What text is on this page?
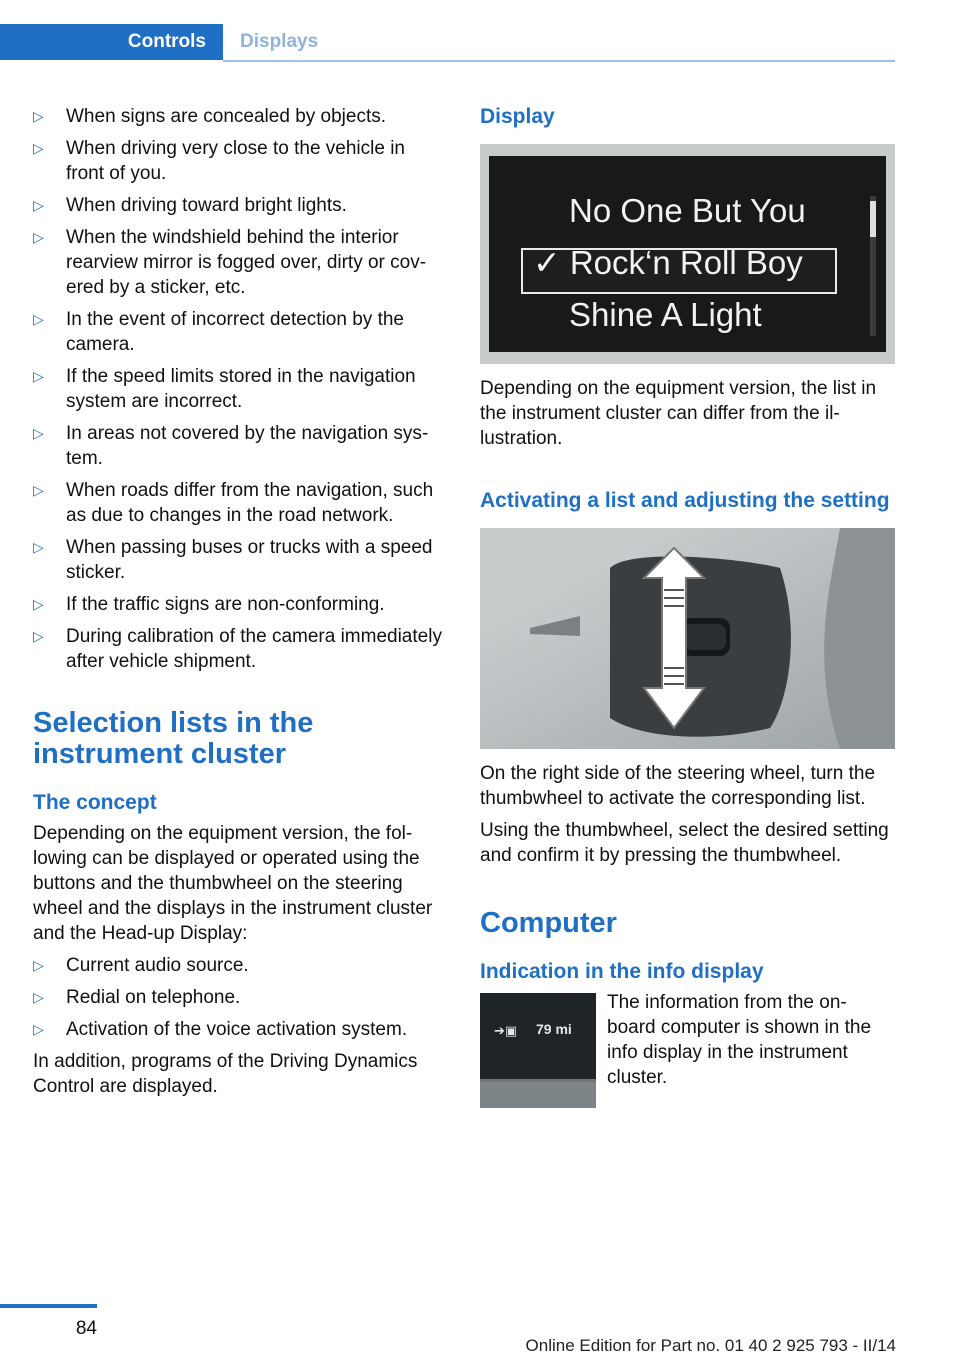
Controls	Displays
▷ When signs are concealed by objects.
▷ When driving very close to the vehicle in front of you.
▷ When driving toward bright lights.
▷ When the windshield behind the interior rearview mirror is fogged over, dirty or covered by a sticker, etc.
▷ In the event of incorrect detection by the camera.
▷ If the speed limits stored in the navigation system are incorrect.
▷ In areas not covered by the navigation system.
▷ When roads differ from the navigation, such as due to changes in the road network.
▷ When passing buses or trucks with a speed sticker.
▷ If the traffic signs are non-conforming.
▷ During calibration of the camera immediately after vehicle shipment.
Selection lists in the instrument cluster
The concept

Depending on the equipment version, the following can be displayed or operated using the buttons and the thumbwheel on the steering wheel and the displays in the instrument cluster and the Head-up Display:

▷ Current audio source.
▷ Redial on telephone.
▷ Activation of the voice activation system.

In addition, programs of the Driving Dynamics Control are displayed.

Display
No One But You
✓ Rock‘n Roll Boy
Shine A Light

Depending on the equipment version, the list in the instrument cluster can differ from the illustration.

Activating a list and adjusting the setting

On the right side of the steering wheel, turn the thumbwheel to activate the corresponding list.

Using the thumbwheel, select the desired setting and confirm it by pressing the thumbwheel.

Computer
Indication in the info display
➔▣ 79 mi

The information from the on-board computer is shown in the info display in the instrument cluster.

84
Online Edition for Part no. 01 40 2 925 793 - II/14
